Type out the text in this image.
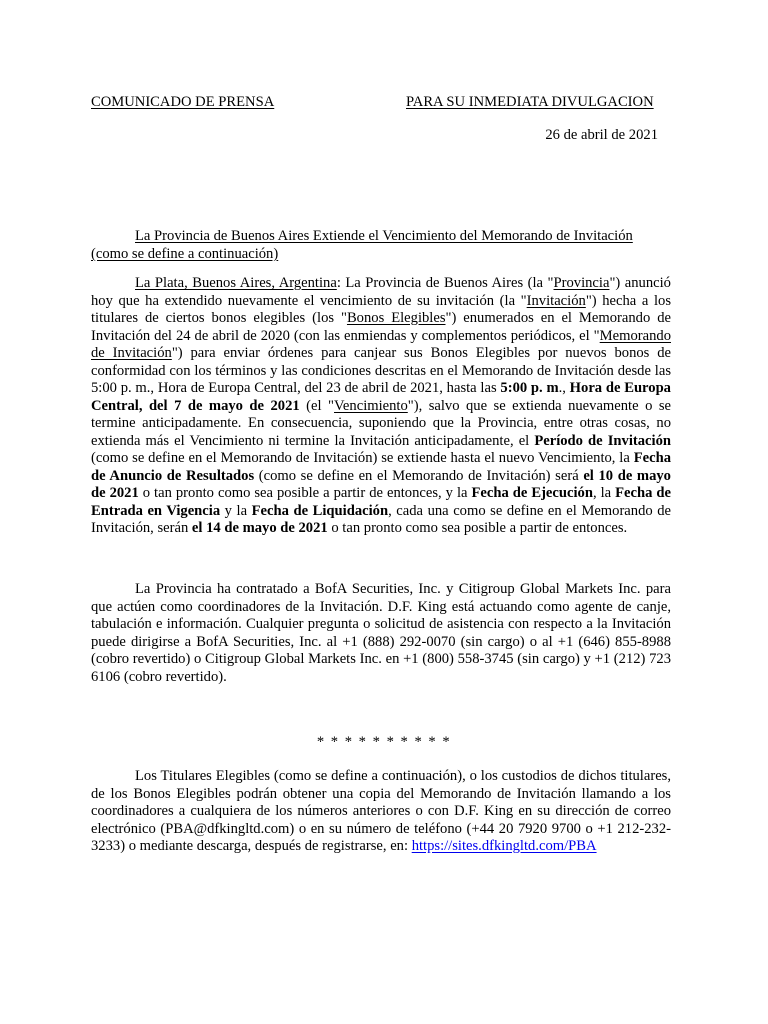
COMUNICADO DE PRENSA	PARA SU INMEDIATA DIVULGACION
26 de abril de 2021
La Provincia de Buenos Aires Extiende el Vencimiento del Memorando de Invitación (como se define a continuación)
La Plata, Buenos Aires, Argentina: La Provincia de Buenos Aires (la "Provincia") anunció hoy que ha extendido nuevamente el vencimiento de su invitación (la "Invitación") hecha a los titulares de ciertos bonos elegibles (los "Bonos Elegibles") enumerados en el Memorando de Invitación del 24 de abril de 2020 (con las enmiendas y complementos periódicos, el "Memorando de Invitación") para enviar órdenes para canjear sus Bonos Elegibles por nuevos bonos de conformidad con los términos y las condiciones descritas en el Memorando de Invitación desde las 5:00 p. m., Hora de Europa Central, del 23 de abril de 2021, hasta las 5:00 p. m., Hora de Europa Central, del 7 de mayo de 2021 (el "Vencimiento"), salvo que se extienda nuevamente o se termine anticipadamente. En consecuencia, suponiendo que la Provincia, entre otras cosas, no extienda más el Vencimiento ni termine la Invitación anticipadamente, el Período de Invitación (como se define en el Memorando de Invitación) se extiende hasta el nuevo Vencimiento, la Fecha de Anuncio de Resultados (como se define en el Memorando de Invitación) será el 10 de mayo de 2021 o tan pronto como sea posible a partir de entonces, y la Fecha de Ejecución, la Fecha de Entrada en Vigencia y la Fecha de Liquidación, cada una como se define en el Memorando de Invitación, serán el 14 de mayo de 2021 o tan pronto como sea posible a partir de entonces.
La Provincia ha contratado a BofA Securities, Inc. y Citigroup Global Markets Inc. para que actúen como coordinadores de la Invitación. D.F. King está actuando como agente de canje, tabulación e información. Cualquier pregunta o solicitud de asistencia con respecto a la Invitación puede dirigirse a BofA Securities, Inc. al +1 (888) 292-0070 (sin cargo) o al +1 (646) 855-8988 (cobro revertido) o Citigroup Global Markets Inc. en +1 (800) 558-3745 (sin cargo) y +1 (212) 723 6106 (cobro revertido).
* * * * * * * * * *
Los Titulares Elegibles (como se define a continuación), o los custodios de dichos titulares, de los Bonos Elegibles podrán obtener una copia del Memorando de Invitación llamando a los coordinadores a cualquiera de los números anteriores o con D.F. King en su dirección de correo electrónico (PBA@dfkingltd.com) o en su número de teléfono (+44 20 7920 9700 o +1 212-232-3233) o mediante descarga, después de registrarse, en: https://sites.dfkingltd.com/PBA
